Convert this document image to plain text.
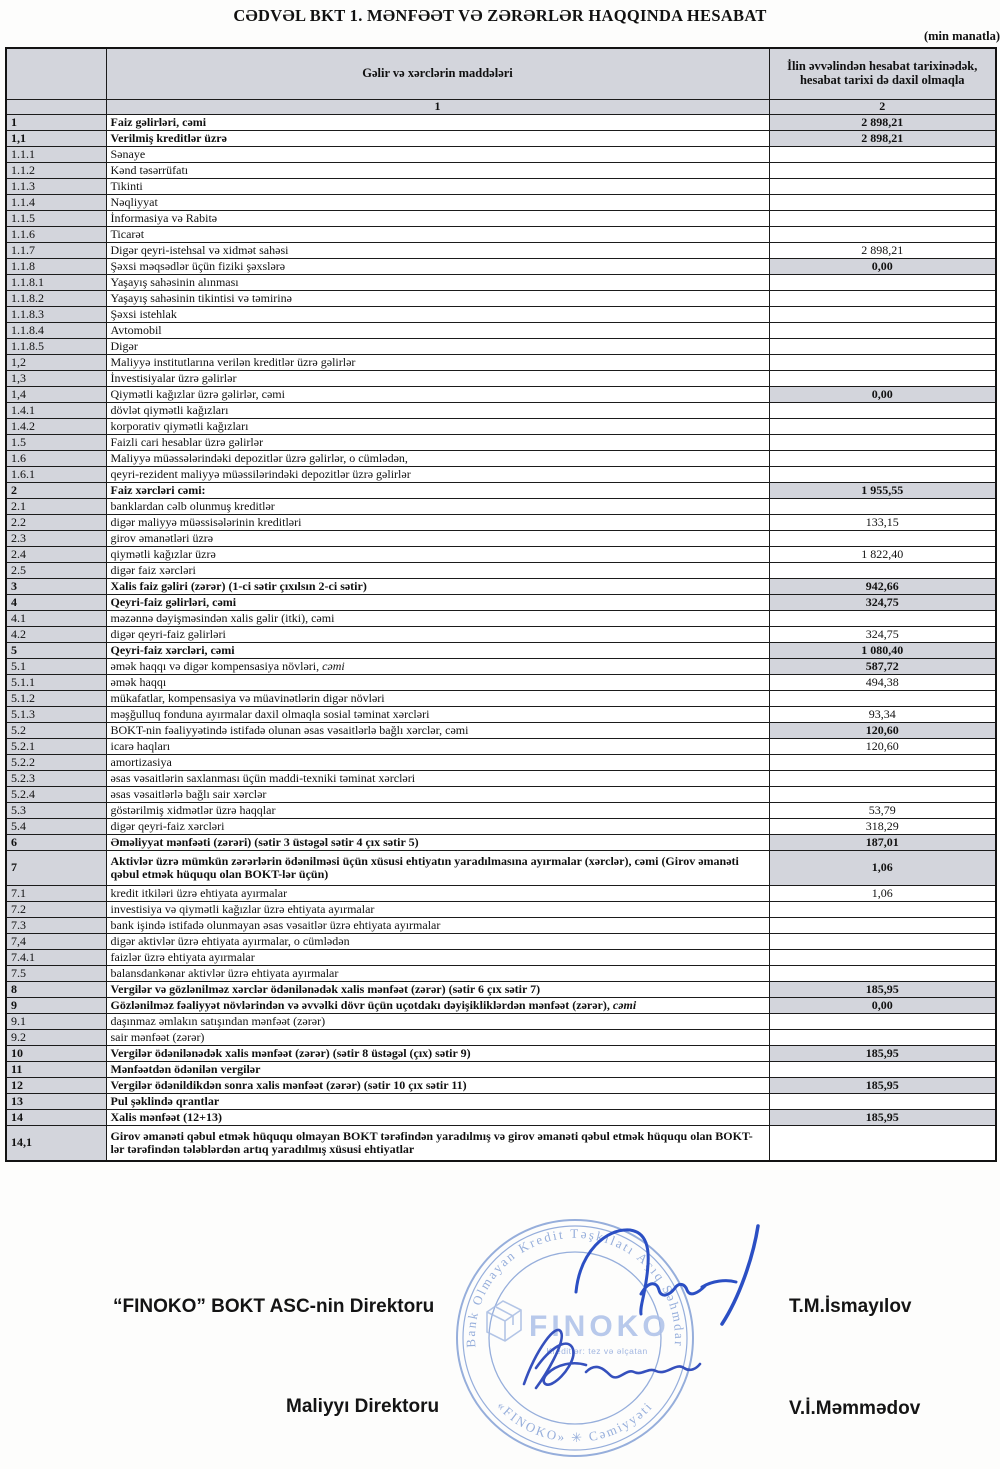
CƏDVƏL BKT 1. MƏNFƏƏT VƏ ZƏRƏRLƏR HAQQINDA HESABAT
(min manatla)
	Gəlir və xərclərin maddələri	İlin əvvəlindən hesabat tarixinədək, hesabat tarixi də daxil olmaqla
	1	2
1	Faiz gəlirləri, cəmi	2 898,21
1,1	Verilmiş kreditlər üzrə	2 898,21
1.1.1	Sənaye	
1.1.2	Kənd təsərrüfatı	
1.1.3	Tikinti	
1.1.4	Nəqliyyat	
1.1.5	İnformasiya və Rabitə	
1.1.6	Ticarət	
1.1.7	Digər qeyri-istehsal və xidmət sahəsi	2 898,21
1.1.8	Şəxsi məqsədlər üçün fiziki şəxslərə	0,00
1.1.8.1	Yaşayış sahəsinin alınması	
1.1.8.2	Yaşayış sahəsinin tikintisi və təmirinə	
1.1.8.3	Şəxsi istehlak	
1.1.8.4	Avtomobil	
1.1.8.5	Digər	
1,2	Maliyyə institutlarına verilən kreditlər üzrə gəlirlər	
1,3	İnvestisiyalar üzrə gəlirlər	
1,4	Qiymətli kağızlar üzrə gəlirlər, cəmi	0,00
1.4.1	dövlət qiymətli kağızları	
1.4.2	korporativ qiymətli kağızları	
1.5	Faizli cari hesablar üzrə gəlirlər	
1.6	Maliyyə müəssələrindəki depozitlər üzrə gəlirlər, o cümlədən,	
1.6.1	qeyri-rezident maliyyə müəssilərindəki depozitlər üzrə gəlirlər	
2	Faiz xərcləri cəmi:	1 955,55
2.1	banklardan cəlb olunmuş kreditlər	
2.2	digər maliyyə müəssisələrinin kreditləri	133,15
2.3	girov əmanətləri üzrə	
2.4	qiymətli kağızlar üzrə	1 822,40
2.5	digər faiz xərcləri	
3	Xalis faiz gəliri (zərər) (1-ci sətir çıxılsın 2-ci sətir)	942,66
4	Qeyri-faiz gəlirləri, cəmi	324,75
4.1	məzənnə dəyişməsindən xalis gəlir (itki), cəmi	
4.2	digər qeyri-faiz gəlirləri	324,75
5	Qeyri-faiz xərcləri, cəmi	1 080,40
5.1	əmək haqqı və digər kompensasiya növləri, cəmi	587,72
5.1.1	əmək haqqı	494,38
5.1.2	mükafatlar, kompensasiya və müavinətlərin digər növləri	
5.1.3	məşğulluq fonduna ayırmalar daxil olmaqla sosial təminat xərcləri	93,34
5.2	BOKT-nin fəaliyyətində istifadə olunan əsas vəsaitlərlə bağlı xərclər, cəmi	120,60
5.2.1	icarə haqları	120,60
5.2.2	amortizasiya	
5.2.3	əsas vəsaitlərin saxlanması üçün maddi-texniki təminat xərcləri	
5.2.4	əsas vəsaitlərlə bağlı sair xərclər	
5.3	göstərilmiş xidmətlər üzrə haqqlar	53,79
5.4	digər qeyri-faiz xərcləri	318,29
6	Əməliyyat mənfəəti (zərəri) (sətir 3 üstəgəl sətir 4 çıx sətir 5)	187,01
7	Aktivlər üzrə mümkün zərərlərin ödənilməsi üçün xüsusi ehtiyatın yaradılmasına ayırmalar (xərclər), cəmi (Girov əmanəti qəbul etmək hüququ olan BOKT-lər üçün)	1,06
7.1	kredit itkiləri üzrə ehtiyata ayırmalar	1,06
7.2	investisiya və qiymətli kağızlar üzrə ehtiyata ayırmalar	
7.3	bank işində istifadə olunmayan əsas vəsaitlər üzrə ehtiyata ayırmalar	
7,4	digər aktivlər üzrə ehtiyata ayırmalar, o cümlədən	
7.4.1	faizlər üzrə ehtiyata ayırmalar	
7.5	balansdankənar aktivlər üzrə ehtiyata ayırmalar	
8	Vergilər və gözlənilməz xərclər ödənilənədək xalis mənfəət (zərər) (sətir 6 çıx sətir 7)	185,95
9	Gözlənilməz fəaliyyət növlərindən və əvvəlki dövr üçün uçotdakı dəyişikliklərdən mənfəət (zərər), cəmi	0,00
9.1	daşınmaz əmlakın satışından mənfəət (zərər)	
9.2	sair mənfəət (zərər)	
10	Vergilər ödənilənədək xalis mənfəət (zərər) (sətir 8 üstəgəl (çıx) sətir 9)	185,95
11	Mənfəətdən ödənilən vergilər	
12	Vergilər ödənildikdən sonra xalis mənfəət (zərər) (sətir 10 çıx sətir 11)	185,95
13	Pul şəklində qrantlar	
14	Xalis mənfəət (12+13)	185,95
14,1	Girov əmanəti qəbul etmək hüququ olmayan BOKT tərəfindən yaradılmış və girov əmanəti qəbul etmək hüququ olan BOKT-lər tərəfindən tələblərdən artıq yaradılmış xüsusi ehtiyatlar	
“FINOKO” BOKT ASC-nin Direktoru	T.M.İsmayılov
Maliyyı Direktoru	V.İ.Məmmədov
Bank Olmayan Kredit Təşkilatı Açıq Səhmdar
«FINOKO» ✳ Cəmiyyəti
FINOKO
Kreditlər: tez və əlçatan
